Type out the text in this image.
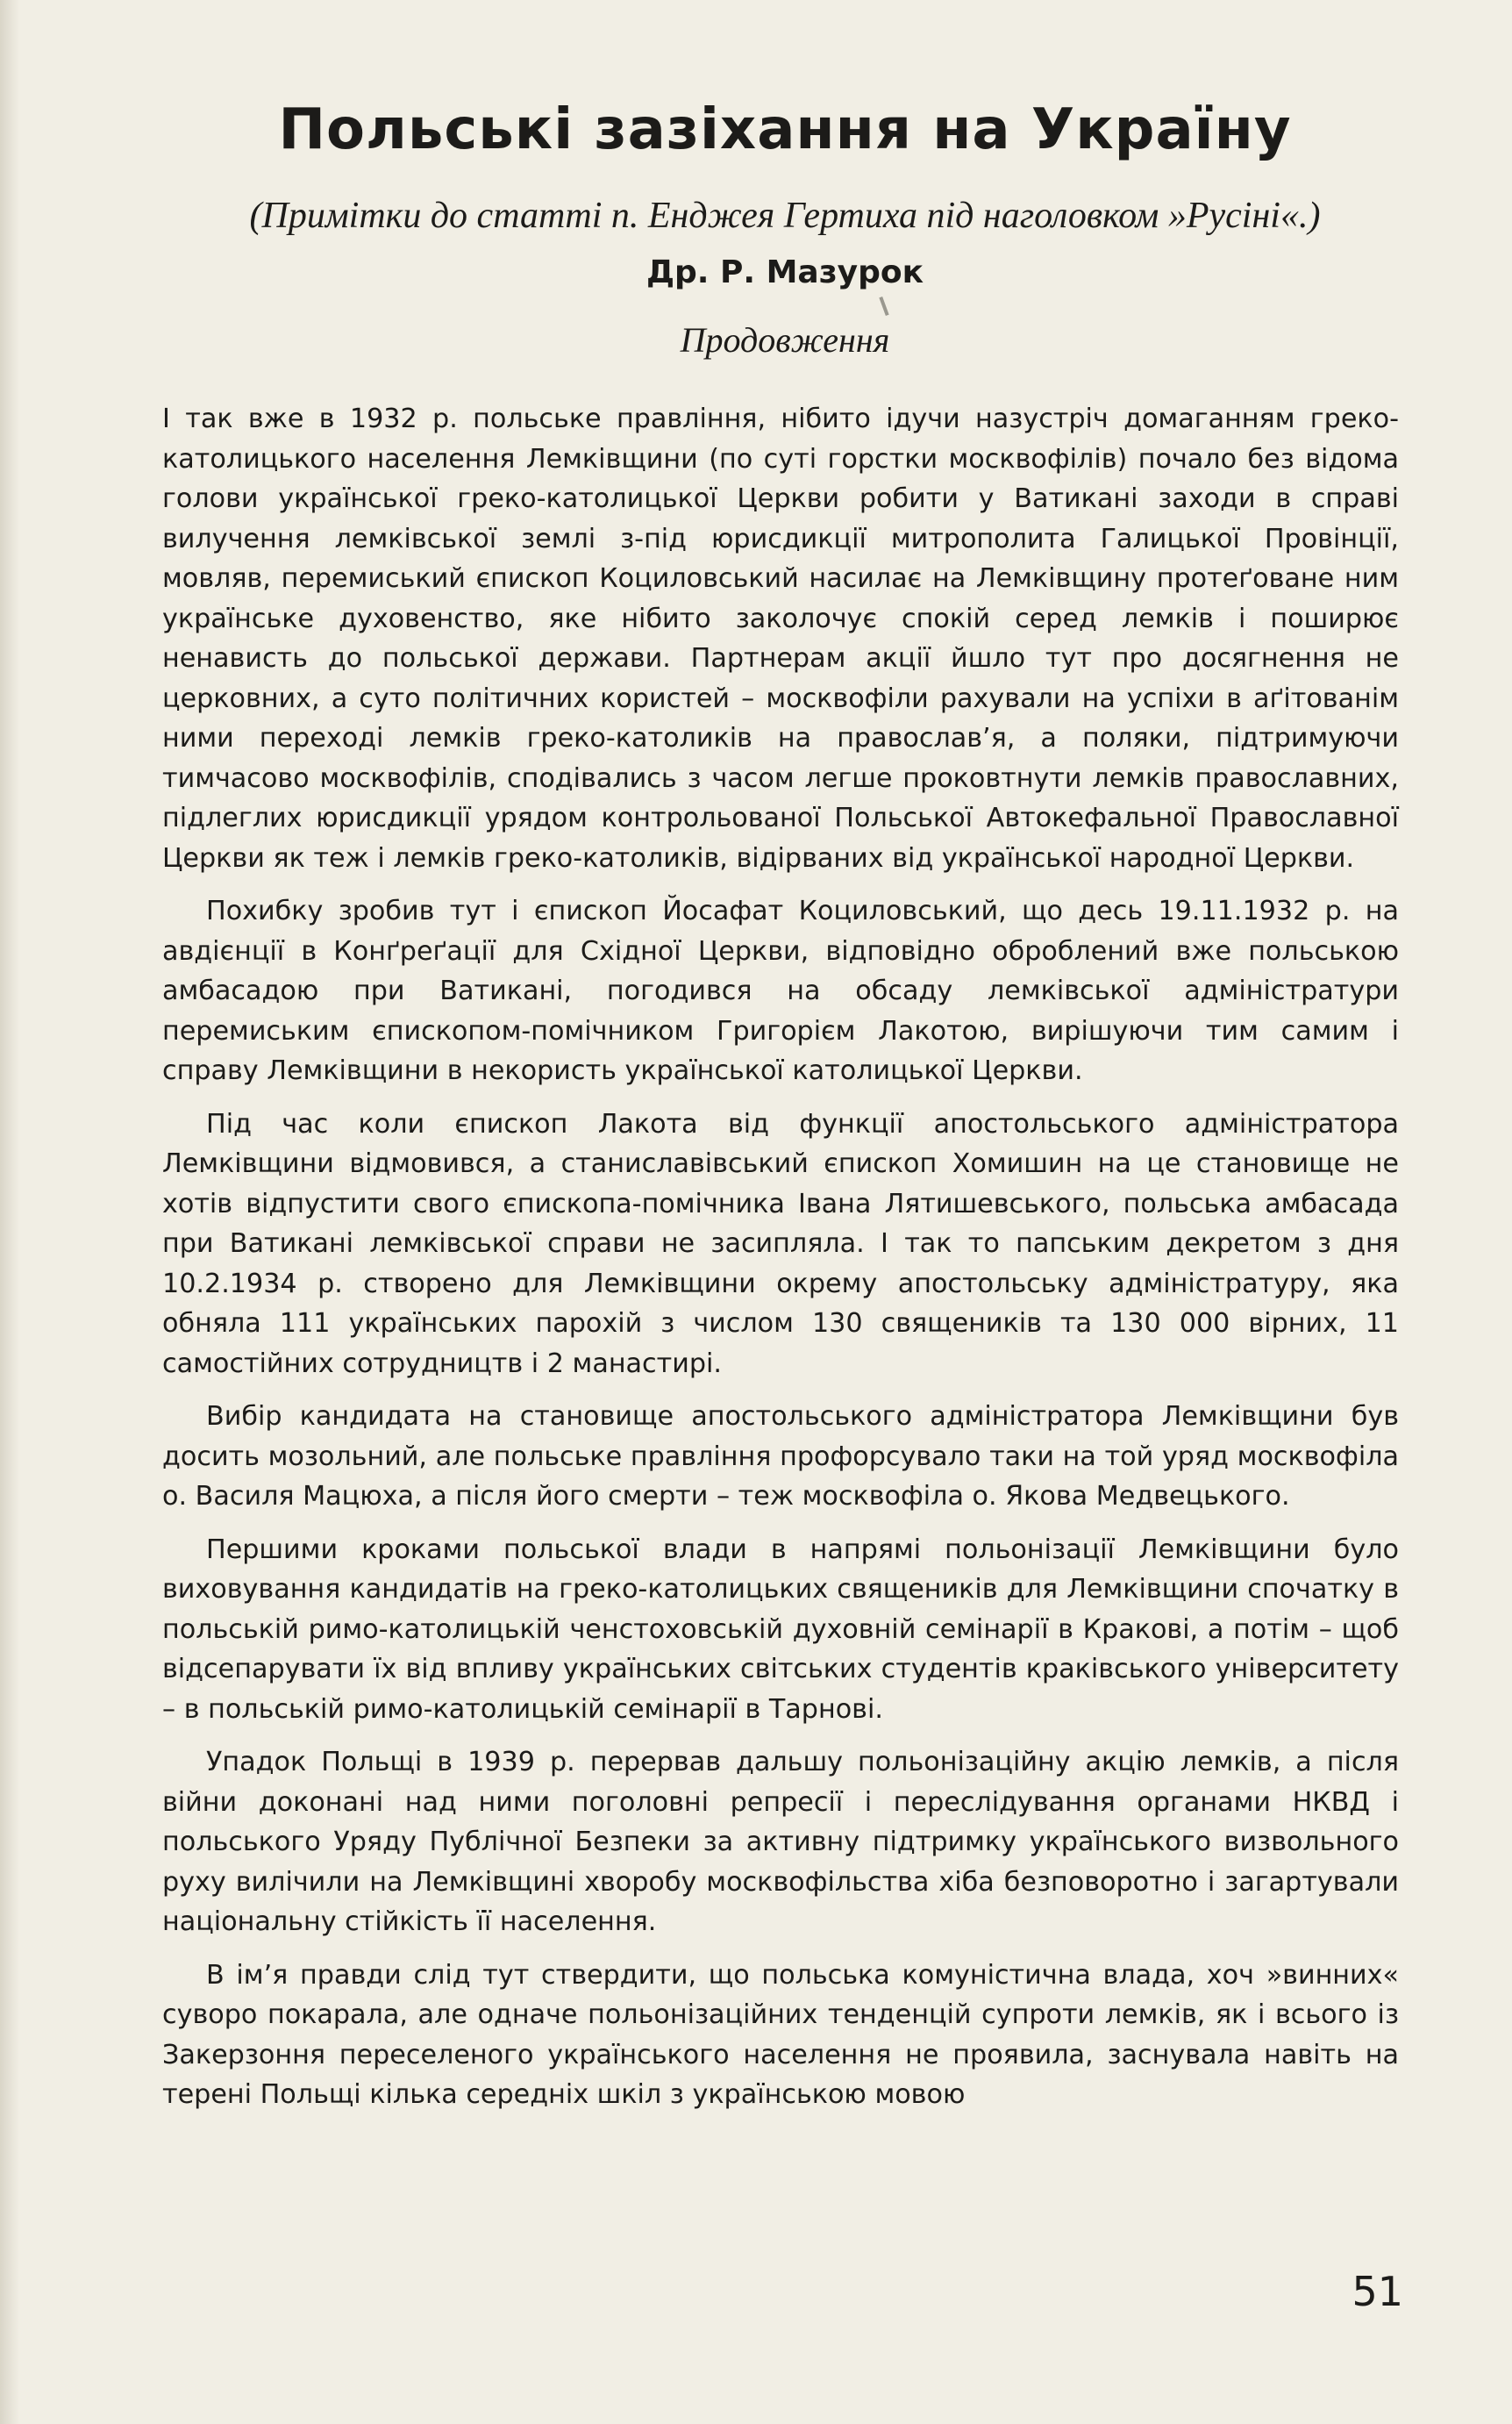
Польські зазіхання на Україну

(Примітки до статті п. Енджея Гертиха під наголовком »Русіні«.)

Др. Р. Мазурок

Продовження

І так вже в 1932 р. польське правління, нібито ідучи назустріч домаганням греко-католицького населення Лемківщини (по суті горстки москвофілів) почало без відома голови української греко-католицької Церкви робити у Ватикані заходи в справі вилучення лемківської землі з-під юрисдикції митрополита Галицької Провінції, мовляв, перемиський єпископ Коциловський насилає на Лемківщину протеґоване ним українське духовенство, яке нібито заколочує спокій серед лемків і поширює ненависть до польської держави. Партнерам акції йшло тут про досягнення не церковних, а суто політичних користей – москвофіли рахували на успіхи в аґітованім ними переході лемків греко-католиків на православ’я, а поляки, підтримуючи тимчасово москвофілів, сподівались з часом легше проковтнути лемків православних, підлеглих юрисдикції урядом контрольованої Польської Автокефальної Православної Церкви як теж і лемків греко-католиків, відірваних від української народної Церкви.

Похибку зробив тут і єпископ Йосафат Коциловський, що десь 19.11.1932 р. на авдієнції в Конґреґації для Східної Церкви, відповідно оброблений вже польською амбасадою при Ватикані, погодився на обсаду лемківської адміністратури перемиським єпископом-помічником Григорієм Лакотою, вирішуючи тим самим і справу Лемківщини в некористь української католицької Церкви.

Під час коли єпископ Лакота від функції апостольського адміністратора Лемківщини відмовився, а станиславівський єпископ Хомишин на це становище не хотів відпустити свого єпископа-помічника Івана Лятишевського, польська амбасада при Ватикані лемківської справи не засипляла. І так то папським декретом з дня 10.2.1934 р. створено для Лемківщини окрему апостольську адміністратуру, яка обняла 111 українських парохій з числом 130 священиків та 130 000 вірних, 11 самостійних сотрудництв і 2 манастирі.

Вибір кандидата на становище апостольського адміністратора Лемківщини був досить мозольний, але польське правління профорсувало таки на той уряд москвофіла о. Василя Мацюха, а після його смерти – теж москвофіла о. Якова Медвецького.

Першими кроками польської влади в напрямі польонізації Лемківщини було виховування кандидатів на греко-католицьких священиків для Лемківщини спочатку в польській римо-католицькій ченстоховській духовній семінарії в Кракові, а потім – щоб відсепарувати їх від впливу українських світських студентів краківського університету – в польській римо-католицькій семінарії в Тарнові.

Упадок Польщі в 1939 р. перервав дальшу польонізаційну акцію лемків, а після війни доконані над ними поголовні репресії і переслідування органами НКВД і польського Уряду Публічної Безпеки за активну підтримку українського визвольного руху вилічили на Лемківщині хворобу москвофільства хіба безповоротно і загартували національну стійкість її населення.

В ім’я правди слід тут ствердити, що польська комуністична влада, хоч »винних« суворо покарала, але одначе польонізаційних тенденцій супроти лемків, як і всього із Закерзоння переселеного українського населення не проявила, заснувала навіть на терені Польщі кілька середніх шкіл з українською мовою

51
